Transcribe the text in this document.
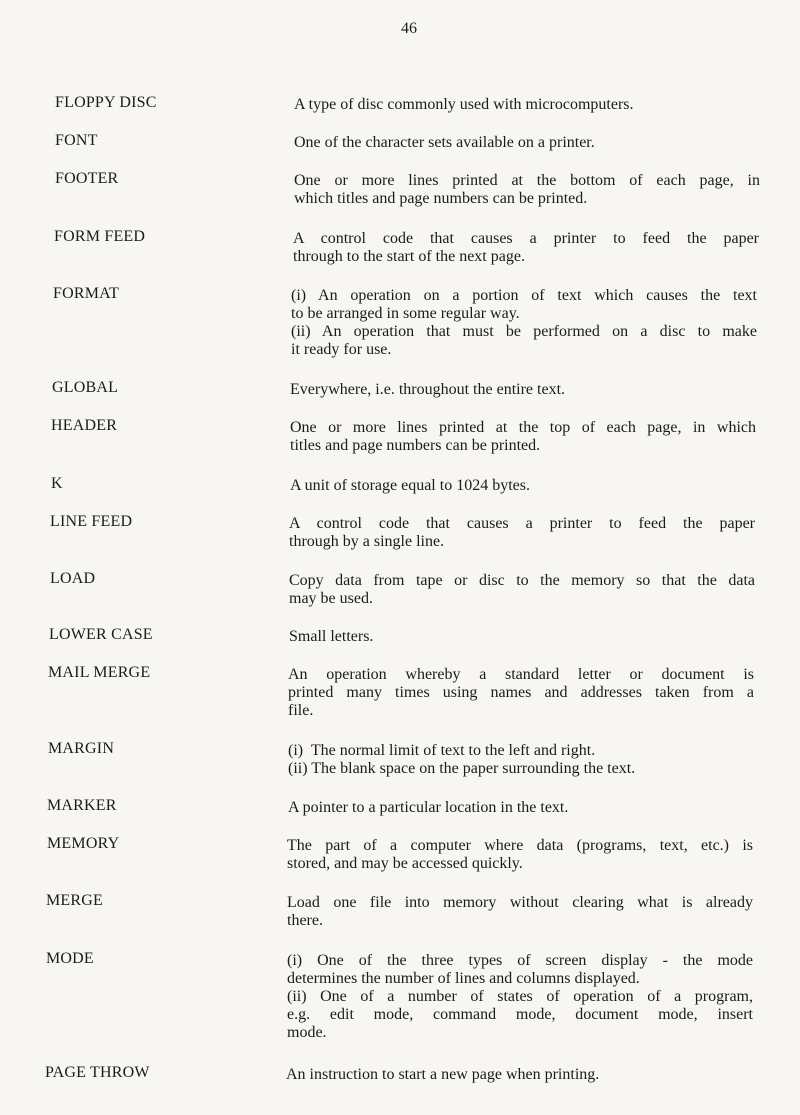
46
FLOPPY DISC	A type of disc commonly used with microcomputers.
FONT	One of the character sets available on a printer.
FOOTER	One or more lines printed at the bottom of each page, in
which titles and page numbers can be printed.
FORM FEED	A control code that causes a printer to feed the paper
through to the start of the next page.
FORMAT	(i) An operation on a portion of text which causes the text
to be arranged in some regular way.
(ii) An operation that must be performed on a disc to make
it ready for use.
GLOBAL	Everywhere, i.e. throughout the entire text.
HEADER	One or more lines printed at the top of each page, in which
titles and page numbers can be printed.
K	A unit of storage equal to 1024 bytes.
LINE FEED	A control code that causes a printer to feed the paper
through by a single line.
LOAD	Copy data from tape or disc to the memory so that the data
may be used.
LOWER CASE	Small letters.
MAIL MERGE	An operation whereby a standard letter or document is
printed many times using names and addresses taken from a
file.
MARGIN	(i)  The normal limit of text to the left and right.
(ii) The blank space on the paper surrounding the text.
MARKER	A pointer to a particular location in the text.
MEMORY	The part of a computer where data (programs, text, etc.) is
stored, and may be accessed quickly.
MERGE	Load one file into memory without clearing what is already
there.
MODE	(i) One of the three types of screen display - the mode
determines the number of lines and columns displayed.
(ii) One of a number of states of operation of a program,
e.g. edit mode, command mode, document mode, insert
mode.
PAGE THROW	An instruction to start a new page when printing.
